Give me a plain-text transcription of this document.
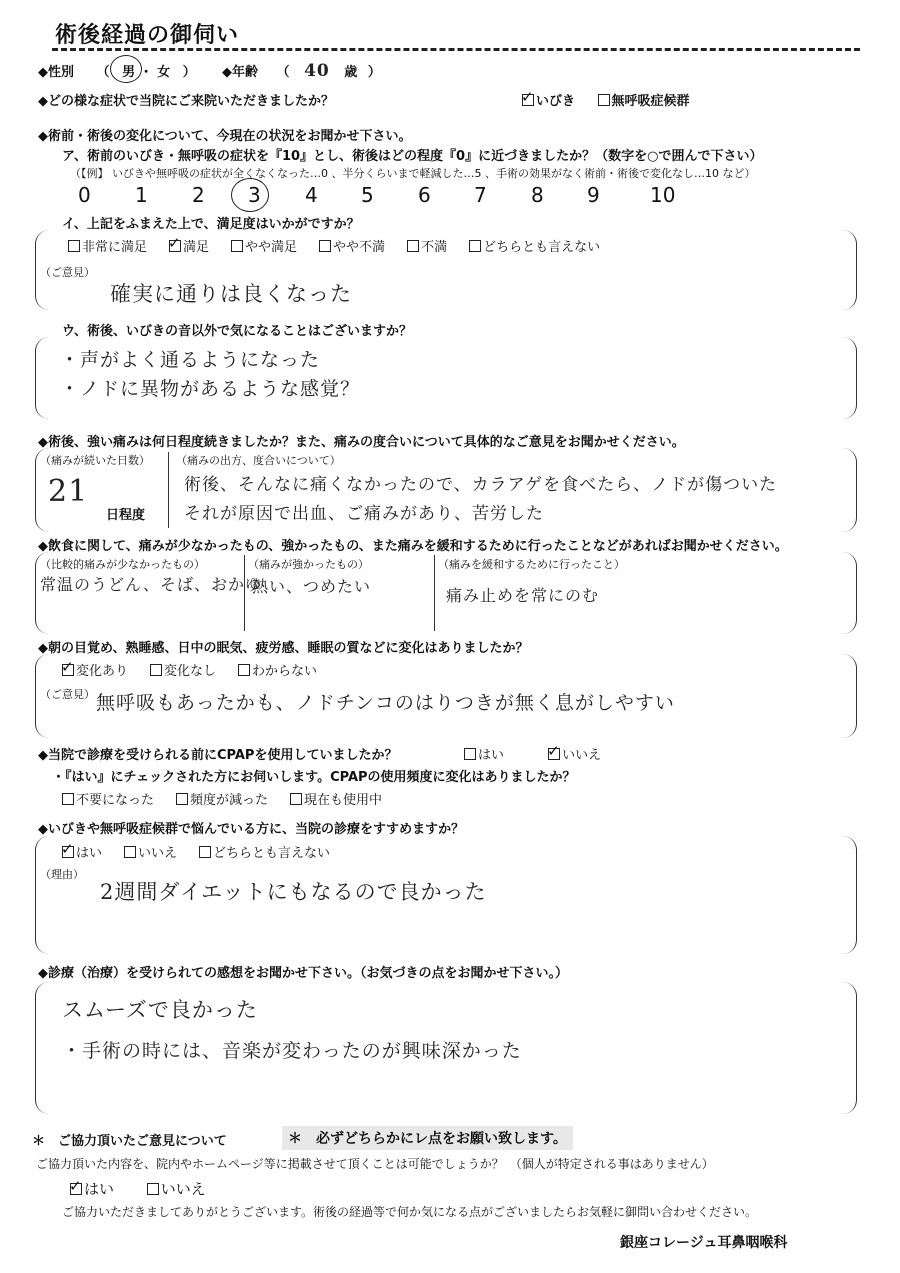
術後経過の御伺い
◆性別 （ 男 ・ 女 ） ◆年齢 （ 40 歳 ）
◆どの様な症状で当院にご来院いただきましたか？ ✓	いびき	無呼吸症候群
◆術前・術後の変化について、今現在の状況をお聞かせ下さい。
ア、術前のいびき・無呼吸の症状を『10』とし、術後はどの程度『0』に近づきましたか？（数字を○で囲んで下さい）
（【例】 いびきや無呼吸の症状が全くなくなった…0 、半分くらいまで軽減した…5 、手術の効果がなく術前・術後で変化なし…10 など）
0 1 2 3 4 5 6 7 8 9	10
イ、上記をふまえた上で、満足度はいかがですか？
非常に満足 ✓	満足	やや満足	やや不満	不満	どちらとも言えない
（ご意見）
確実に通りは良くなった
ウ、術後、いびきの音以外で気になることはございますか？
・声がよく通るようになった
・ノドに異物があるような感覚？
◆術後、強い痛みは何日程度続きましたか？また、痛みの度合いについて具体的なご意見をお聞かせください。
（痛みが続いた日数）
21
日程度
（痛みの出方、度合いについて）
術後、そんなに痛くなかったので、カラアゲを食べたら、ノドが傷ついた
それが原因で出血、ご痛みがあり、苦労した
◆飲食に関して、痛みが少なかったもの、強かったもの、また痛みを緩和するために行ったことなどがあればお聞かせください。
（比較的痛みが少なかったもの）
常温のうどん、そば、おかゆ
（痛みが強かったもの）
熱い、つめたい
（痛みを緩和するために行ったこと）
痛み止めを常にのむ
◆朝の目覚め、熟睡感、日中の眠気、疲労感、睡眠の質などに変化はありましたか？
✓変化あり	変化なし	わからない
（ご意見） 無呼吸もあったかも、ノドチンコのはりつきが無く息がしやすい
◆当院で診療を受けられる前にCPAPを使用していましたか？	はい ✓	いいえ
・『はい』にチェックされた方にお伺いします。CPAPの使用頻度に変化はありましたか？
不要になった	頻度が減った	現在も使用中
◆いびきや無呼吸症候群で悩んでいる方に、当院の診療をすすめますか？
✓はい	いいえ	どちらとも言えない
（理由）
2週間ダイエットにもなるので良かった
◆診療（治療）を受けられての感想をお聞かせ下さい。（お気づきの点をお聞かせ下さい。）
スムーズで良かった
・手術の時には、音楽が変わったのが興味深かった
＊　ご協力頂いたご意見について	＊　必ずどちらかにレ点をお願い致します。
ご協力頂いた内容を、院内やホームページ等に掲載させて頂くことは可能でしょうか？　（個人が特定される事はありません）
✓はい	いいえ
ご協力いただきましてありがとうございます。術後の経過等で何か気になる点がございましたらお気軽に御問い合わせください。
銀座コレージュ耳鼻咽喉科
